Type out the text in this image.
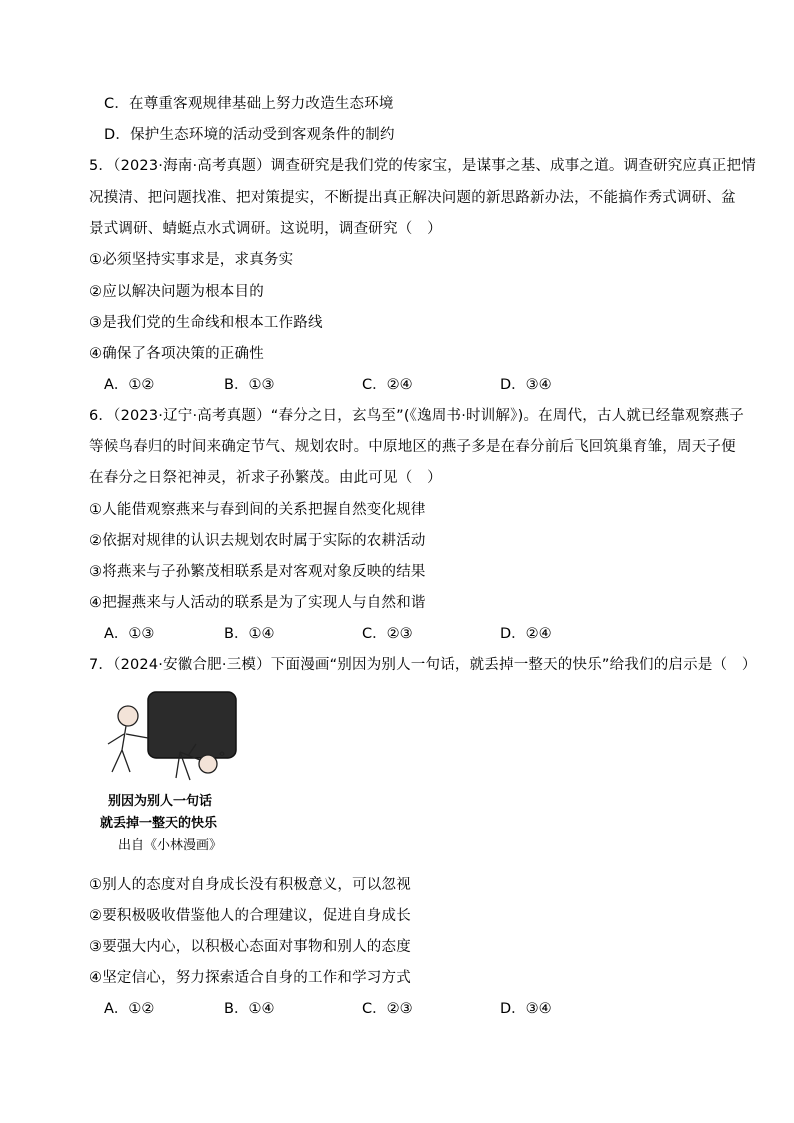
C．在尊重客观规律基础上努力改造生态环境
D．保护生态环境的活动受到客观条件的制约
5．（2023·海南·高考真题）调查研究是我们党的传家宝，是谋事之基、成事之道。调查研究应真正把情
况摸清、把问题找准、把对策提实，不断提出真正解决问题的新思路新办法，不能搞作秀式调研、盆
景式调研、蜻蜓点水式调研。这说明，调查研究（　）
①必须坚持实事求是，求真务实
②应以解决问题为根本目的
③是我们党的生命线和根本工作路线
④确保了各项决策的正确性
A．①②	B．①③	C．②④	D．③④
6．（2023·辽宁·高考真题）“春分之日，玄鸟至”(《逸周书·时训解》)。在周代，古人就已经靠观察燕子
等候鸟春归的时间来确定节气、规划农时。中原地区的燕子多是在春分前后飞回筑巢育雏，周天子便
在春分之日祭祀神灵，祈求子孙繁茂。由此可见（　）
①人能借观察燕来与春到间的关系把握自然变化规律
②依据对规律的认识去规划农时属于实际的农耕活动
③将燕来与子孙繁茂相联系是对客观对象反映的结果
④把握燕来与人活动的联系是为了实现人与自然和谐
A．①③	B．①④	C．②③	D．②④
7．（2024·安徽合肥·三模）下面漫画“别因为别人一句话，就丢掉一整天的快乐”给我们的启示是（　）
别因为别人一句话
就丢掉一整天的快乐
出自《小林漫画》
①别人的态度对自身成长没有积极意义，可以忽视
②要积极吸收借鉴他人的合理建议，促进自身成长
③要强大内心，以积极心态面对事物和别人的态度
④坚定信心，努力探索适合自身的工作和学习方式
A．①②	B．①④	C．②③	D．③④
